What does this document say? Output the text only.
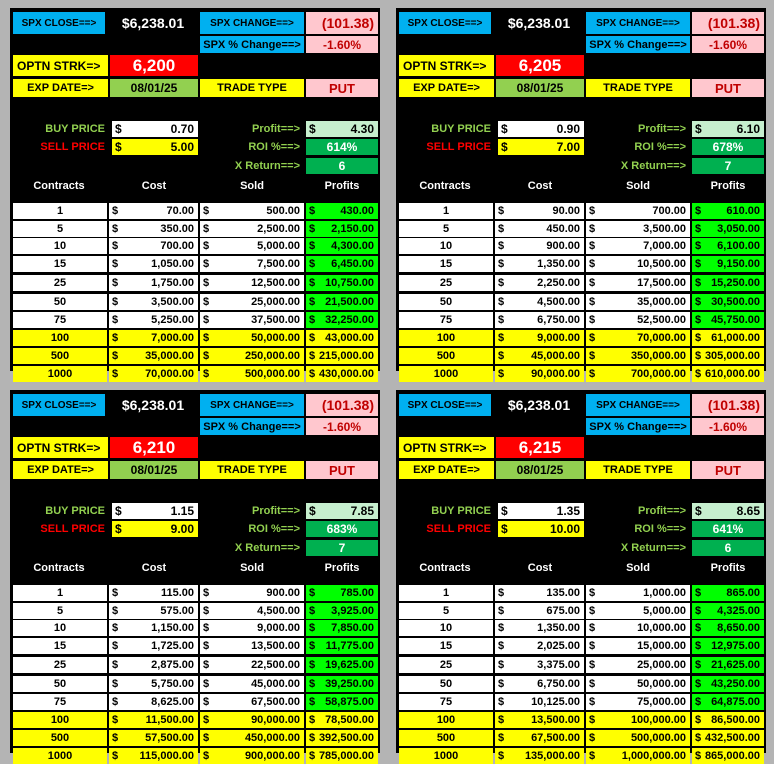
SPX CLOSE==>	$6,238.01	SPX CHANGE==>	(101.38)
SPX % Change==>	-1.60%
OPTN STRK=>	6,200
EXP DATE=>	08/01/25	TRADE TYPE	PUT
BUY PRICE $	0.70	Profit==> $	4.30
SELL PRICE $	5.00	ROI %==>	614%
X Return==>	6
Contracts	Cost	Sold	Profits
1	$	70.00 $	500.00 $ 430.00
5	$	350.00 $	2,500.00 $ 2,150.00
10	$	700.00 $	5,000.00 $ 4,300.00
15	$	1,050.00 $	7,500.00 $ 6,450.00
25	$	1,750.00 $	12,500.00 $ 10,750.00
50	$	3,500.00 $	25,000.00 $ 21,500.00
75	$	5,250.00 $	37,500.00 $ 32,250.00
100	$	7,000.00 $	50,000.00 $ 43,000.00
500	$ 35,000.00 $	250,000.00 $ 215,000.00
1000	$ 70,000.00 $	500,000.00 $ 430,000.00
SPX CLOSE==>	$6,238.01	SPX CHANGE==>	(101.38)
SPX % Change==>	-1.60%
OPTN STRK=>	6,205
EXP DATE=>	08/01/25	TRADE TYPE	PUT
BUY PRICE $	0.90	Profit==> $	6.10
SELL PRICE $	7.00	ROI %==>	678%
X Return==>	7
Contracts	Cost	Sold	Profits
1	$	90.00 $	700.00 $ 610.00
5	$	450.00 $	3,500.00 $ 3,050.00
10	$	900.00 $	7,000.00 $ 6,100.00
15	$	1,350.00 $	10,500.00 $ 9,150.00
25	$	2,250.00 $	17,500.00 $ 15,250.00
50	$	4,500.00 $	35,000.00 $ 30,500.00
75	$	6,750.00 $	52,500.00 $ 45,750.00
100	$	9,000.00 $	70,000.00 $ 61,000.00
500	$ 45,000.00 $	350,000.00 $ 305,000.00
1000	$ 90,000.00 $	700,000.00 $ 610,000.00
SPX CLOSE==>	$6,238.01	SPX CHANGE==>	(101.38)
SPX % Change==>	-1.60%
OPTN STRK=>	6,210
EXP DATE=>	08/01/25	TRADE TYPE	PUT
BUY PRICE $	1.15	Profit==> $	7.85
SELL PRICE $	9.00	ROI %==>	683%
X Return==>	7
Contracts	Cost	Sold	Profits
1	$	115.00 $	900.00 $ 785.00
5	$	575.00 $	4,500.00 $ 3,925.00
10	$	1,150.00 $	9,000.00 $ 7,850.00
15	$	1,725.00 $	13,500.00 $ 11,775.00
25	$	2,875.00 $	22,500.00 $ 19,625.00
50	$	5,750.00 $	45,000.00 $ 39,250.00
75	$	8,625.00 $	67,500.00 $ 58,875.00
100	$	11,500.00 $	90,000.00 $ 78,500.00
500	$ 57,500.00 $	450,000.00 $ 392,500.00
1000	$ 115,000.00 $	900,000.00 $ 785,000.00
SPX CLOSE==>	$6,238.01	SPX CHANGE==>	(101.38)
SPX % Change==>	-1.60%
OPTN STRK=>	6,215
EXP DATE=>	08/01/25	TRADE TYPE	PUT
BUY PRICE $	1.35	Profit==> $	8.65
SELL PRICE $	10.00	ROI %==>	641%
X Return==>	6
Contracts	Cost	Sold	Profits
1	$	135.00 $	1,000.00 $ 865.00
5	$	675.00 $	5,000.00 $ 4,325.00
10	$	1,350.00 $	10,000.00 $ 8,650.00
15	$	2,025.00 $	15,000.00 $ 12,975.00
25	$	3,375.00 $	25,000.00 $ 21,625.00
50	$	6,750.00 $	50,000.00 $ 43,250.00
75	$ 10,125.00 $	75,000.00 $ 64,875.00
100	$ 13,500.00 $	100,000.00 $ 86,500.00
500	$ 67,500.00 $	500,000.00 $ 432,500.00
1000	$ 135,000.00 $ 1,000,000.00 $ 865,000.00
